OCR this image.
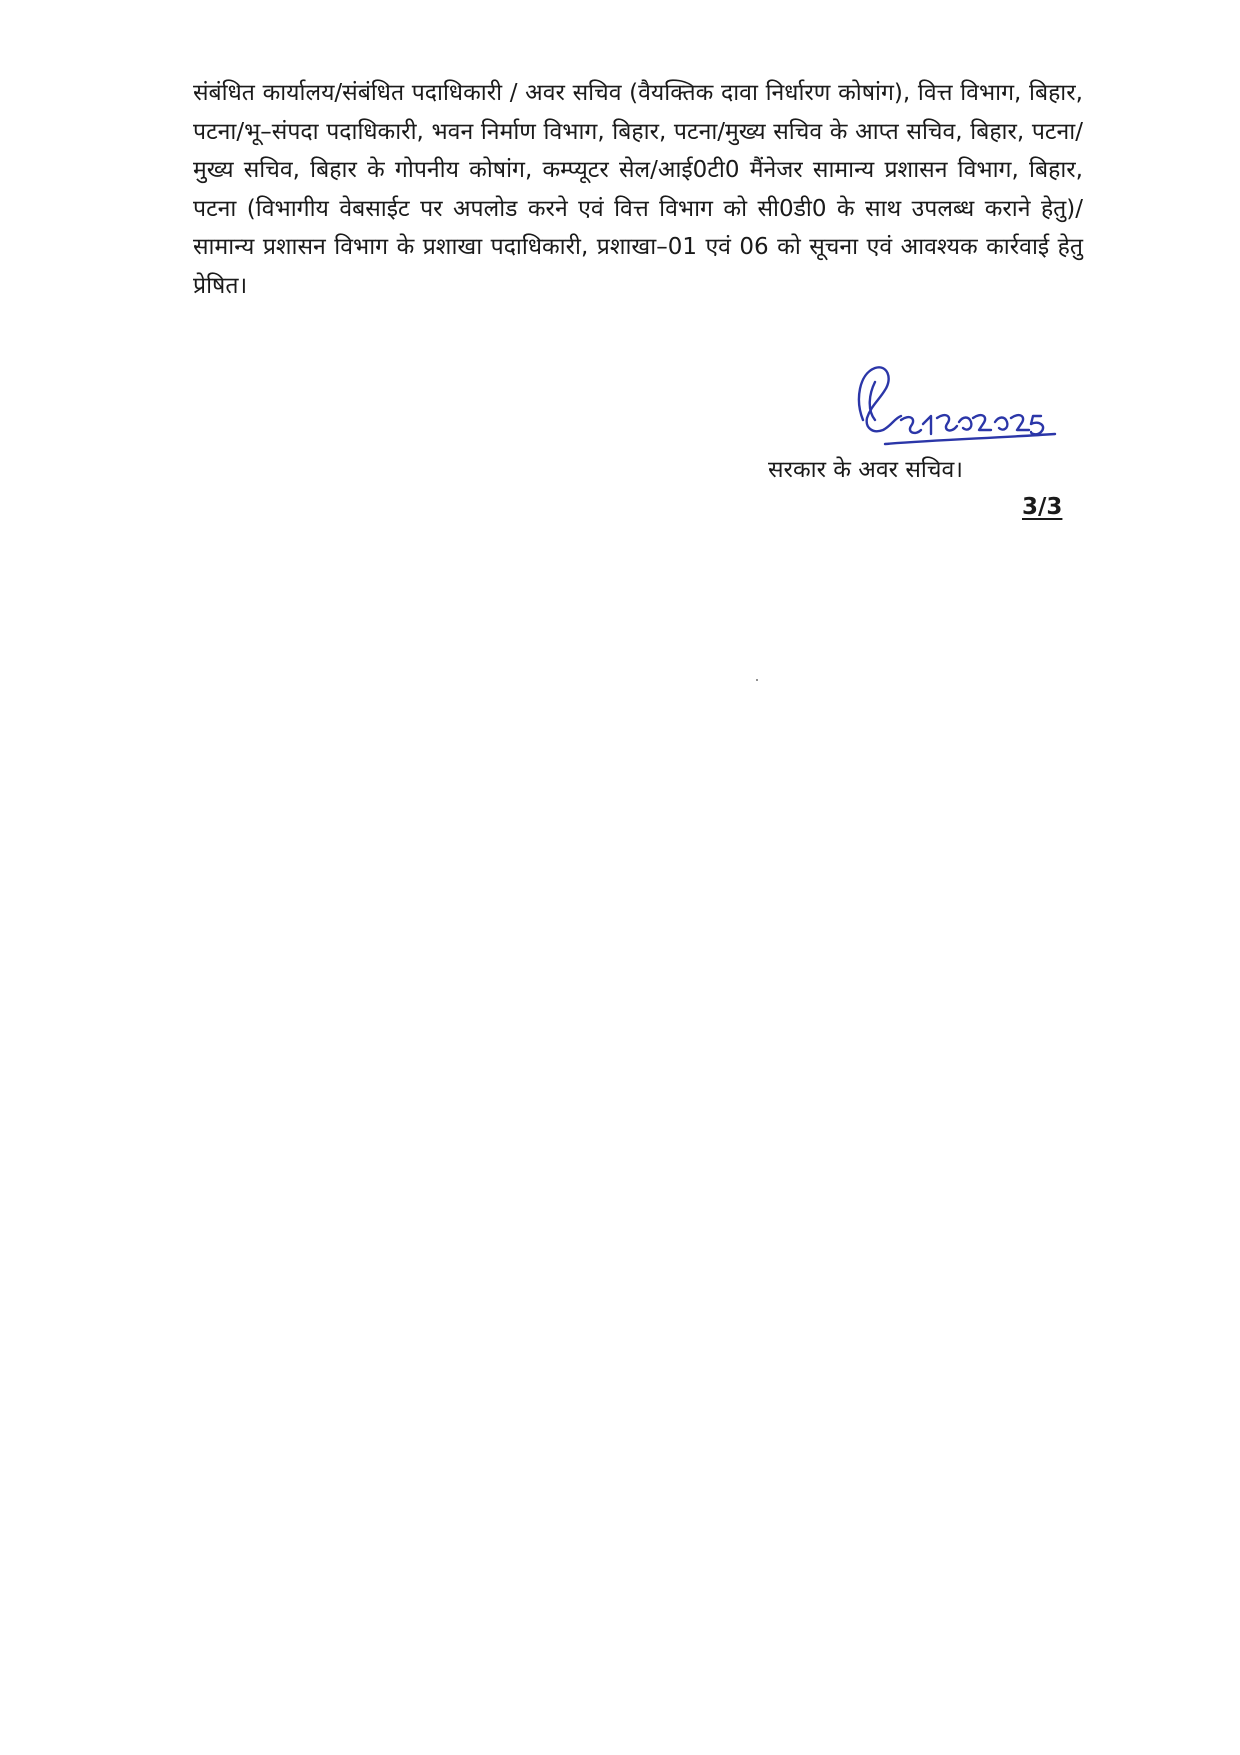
संबंधित कार्यालय/संबंधित पदाधिकारी / अवर सचिव (वैयक्तिक दावा निर्धारण कोषांग), वित्त विभाग, बिहार, पटना/भू–संपदा पदाधिकारी, भवन निर्माण विभाग, बिहार, पटना/मुख्य सचिव के आप्त सचिव, बिहार, पटना/मुख्य सचिव, बिहार के गोपनीय कोषांग, कम्प्यूटर सेल/आई0टी0 मैंनेजर सामान्य प्रशासन विभाग, बिहार, पटना (विभागीय वेबसाईट पर अपलोड करने एवं वित्त विभाग को सी0डी0 के साथ उपलब्ध कराने हेतु)/सामान्य प्रशासन विभाग के प्रशाखा पदाधिकारी, प्रशाखा–01 एवं 06 को सूचना एवं आवश्यक कार्रवाई हेतु प्रेषित।

सरकार के अवर सचिव।

3/3
